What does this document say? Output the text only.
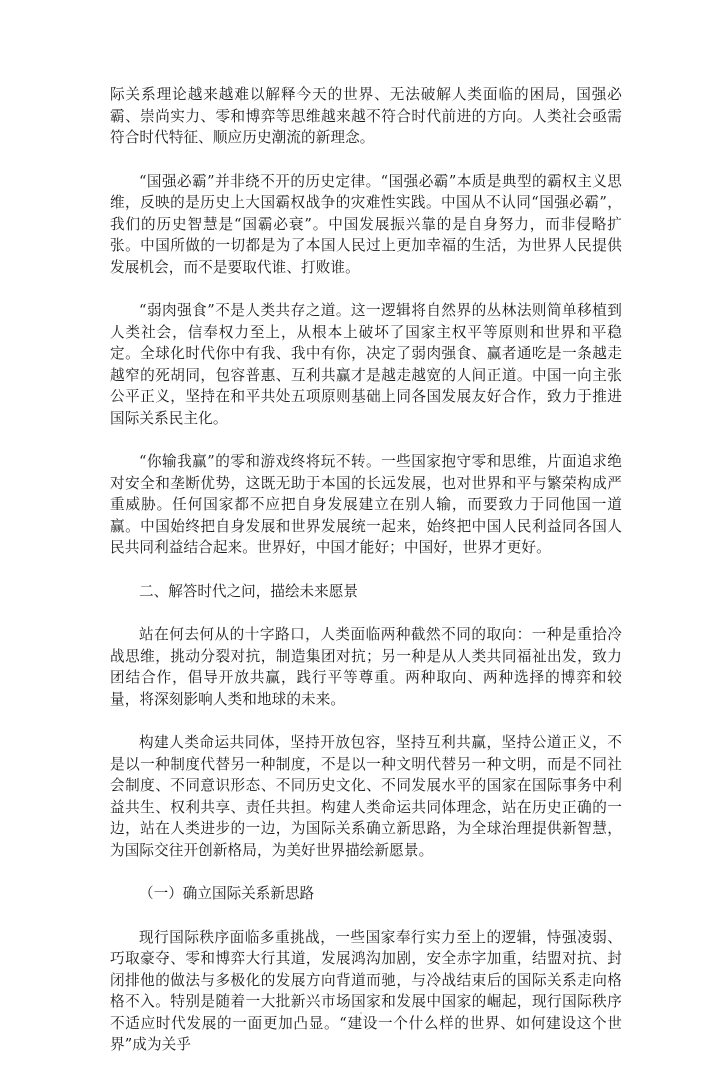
际关系理论越来越难以解释今天的世界、无法破解人类面临的困局，国强必霸、崇尚实力、零和博弈等思维越来越不符合时代前进的方向。人类社会亟需符合时代特征、顺应历史潮流的新理念。

“国强必霸”并非绕不开的历史定律。“国强必霸”本质是典型的霸权主义思维，反映的是历史上大国霸权战争的灾难性实践。中国从不认同“国强必霸”，我们的历史智慧是“国霸必衰”。中国发展振兴靠的是自身努力，而非侵略扩张。中国所做的一切都是为了本国人民过上更加幸福的生活，为世界人民提供发展机会，而不是要取代谁、打败谁。

“弱肉强食”不是人类共存之道。这一逻辑将自然界的丛林法则简单移植到人类社会，信奉权力至上，从根本上破坏了国家主权平等原则和世界和平稳定。全球化时代你中有我、我中有你，决定了弱肉强食、赢者通吃是一条越走越窄的死胡同，包容普惠、互利共赢才是越走越宽的人间正道。中国一向主张公平正义，坚持在和平共处五项原则基础上同各国发展友好合作，致力于推进国际关系民主化。

“你输我赢”的零和游戏终将玩不转。一些国家抱守零和思维，片面追求绝对安全和垄断优势，这既无助于本国的长远发展，也对世界和平与繁荣构成严重威胁。任何国家都不应把自身发展建立在别人输，而要致力于同他国一道赢。中国始终把自身发展和世界发展统一起来，始终把中国人民利益同各国人民共同利益结合起来。世界好，中国才能好；中国好，世界才更好。

二、解答时代之问，描绘未来愿景

站在何去何从的十字路口，人类面临两种截然不同的取向：一种是重拾冷战思维，挑动分裂对抗，制造集团对抗；另一种是从人类共同福祉出发，致力团结合作，倡导开放共赢，践行平等尊重。两种取向、两种选择的博弈和较量，将深刻影响人类和地球的未来。

构建人类命运共同体，坚持开放包容，坚持互利共赢，坚持公道正义，不是以一种制度代替另一种制度，不是以一种文明代替另一种文明，而是不同社会制度、不同意识形态、不同历史文化、不同发展水平的国家在国际事务中利益共生、权利共享、责任共担。构建人类命运共同体理念，站在历史正确的一边，站在人类进步的一边，为国际关系确立新思路，为全球治理提供新智慧，为国际交往开创新格局，为美好世界描绘新愿景。

（一）确立国际关系新思路

现行国际秩序面临多重挑战，一些国家奉行实力至上的逻辑，恃强凌弱、巧取豪夺、零和博弈大行其道，发展鸿沟加剧，安全赤字加重，结盟对抗、封闭排他的做法与多极化的发展方向背道而驰，与冷战结束后的国际关系走向格格不入。特别是随着一大批新兴市场国家和发展中国家的崛起，现行国际秩序不适应时代发展的一面更加凸显。“建设一个什么样的世界、如何建设这个世界”成为关乎
